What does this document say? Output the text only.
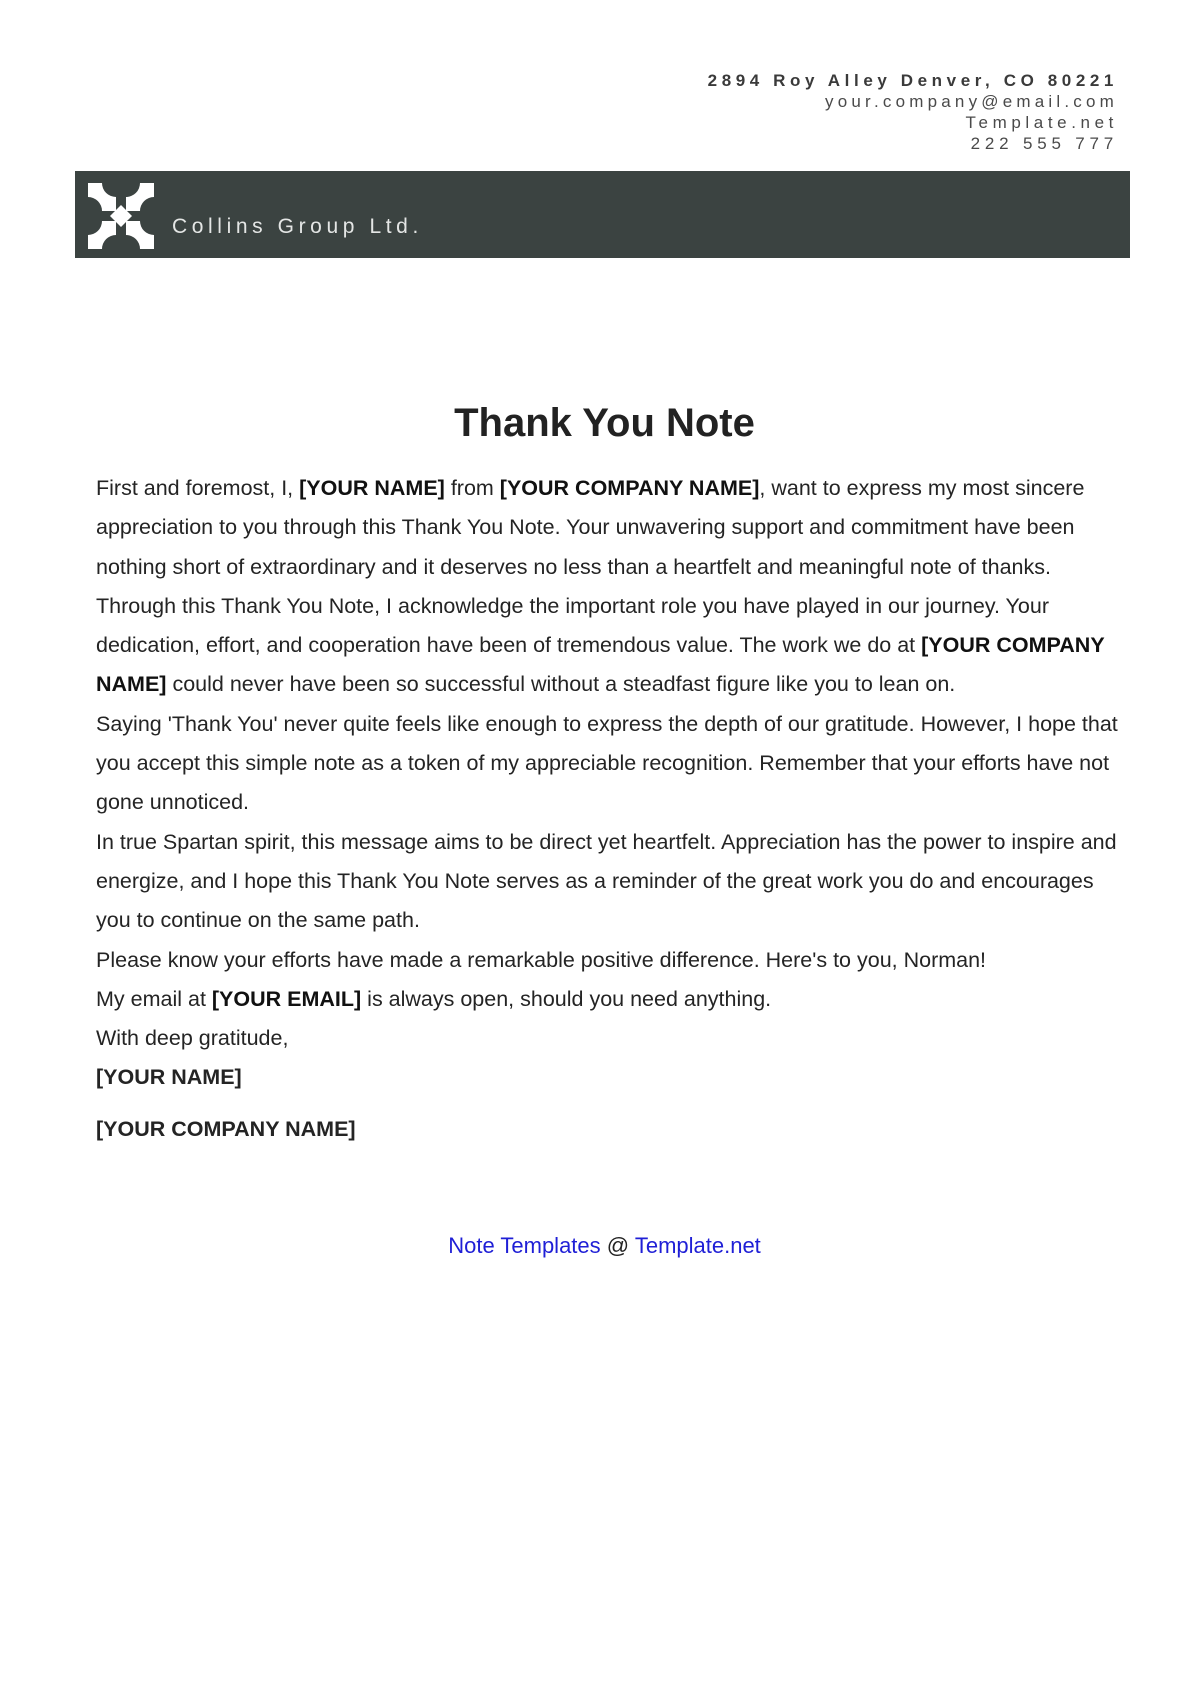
2894 Roy Alley Denver, CO 80221
your.company@email.com
Template.net
222 555 777
Collins Group Ltd.
Thank You Note

First and foremost, I, [YOUR NAME] from [YOUR COMPANY NAME], want to express my most sincere appreciation to you through this Thank You Note. Your unwavering support and commitment have been nothing short of extraordinary and it deserves no less than a heartfelt and meaningful note of thanks.

Through this Thank You Note, I acknowledge the important role you have played in our journey. Your dedication, effort, and cooperation have been of tremendous value. The work we do at [YOUR COMPANY NAME] could never have been so successful without a steadfast figure like you to lean on.

Saying 'Thank You' never quite feels like enough to express the depth of our gratitude. However, I hope that you accept this simple note as a token of my appreciable recognition. Remember that your efforts have not gone unnoticed.

In true Spartan spirit, this message aims to be direct yet heartfelt. Appreciation has the power to inspire and energize, and I hope this Thank You Note serves as a reminder of the great work you do and encourages you to continue on the same path.

Please know your efforts have made a remarkable positive difference. Here's to you, Norman!

My email at [YOUR EMAIL] is always open, should you need anything.

With deep gratitude,

[YOUR NAME]

[YOUR COMPANY NAME]

Note Templates @ Template.net
